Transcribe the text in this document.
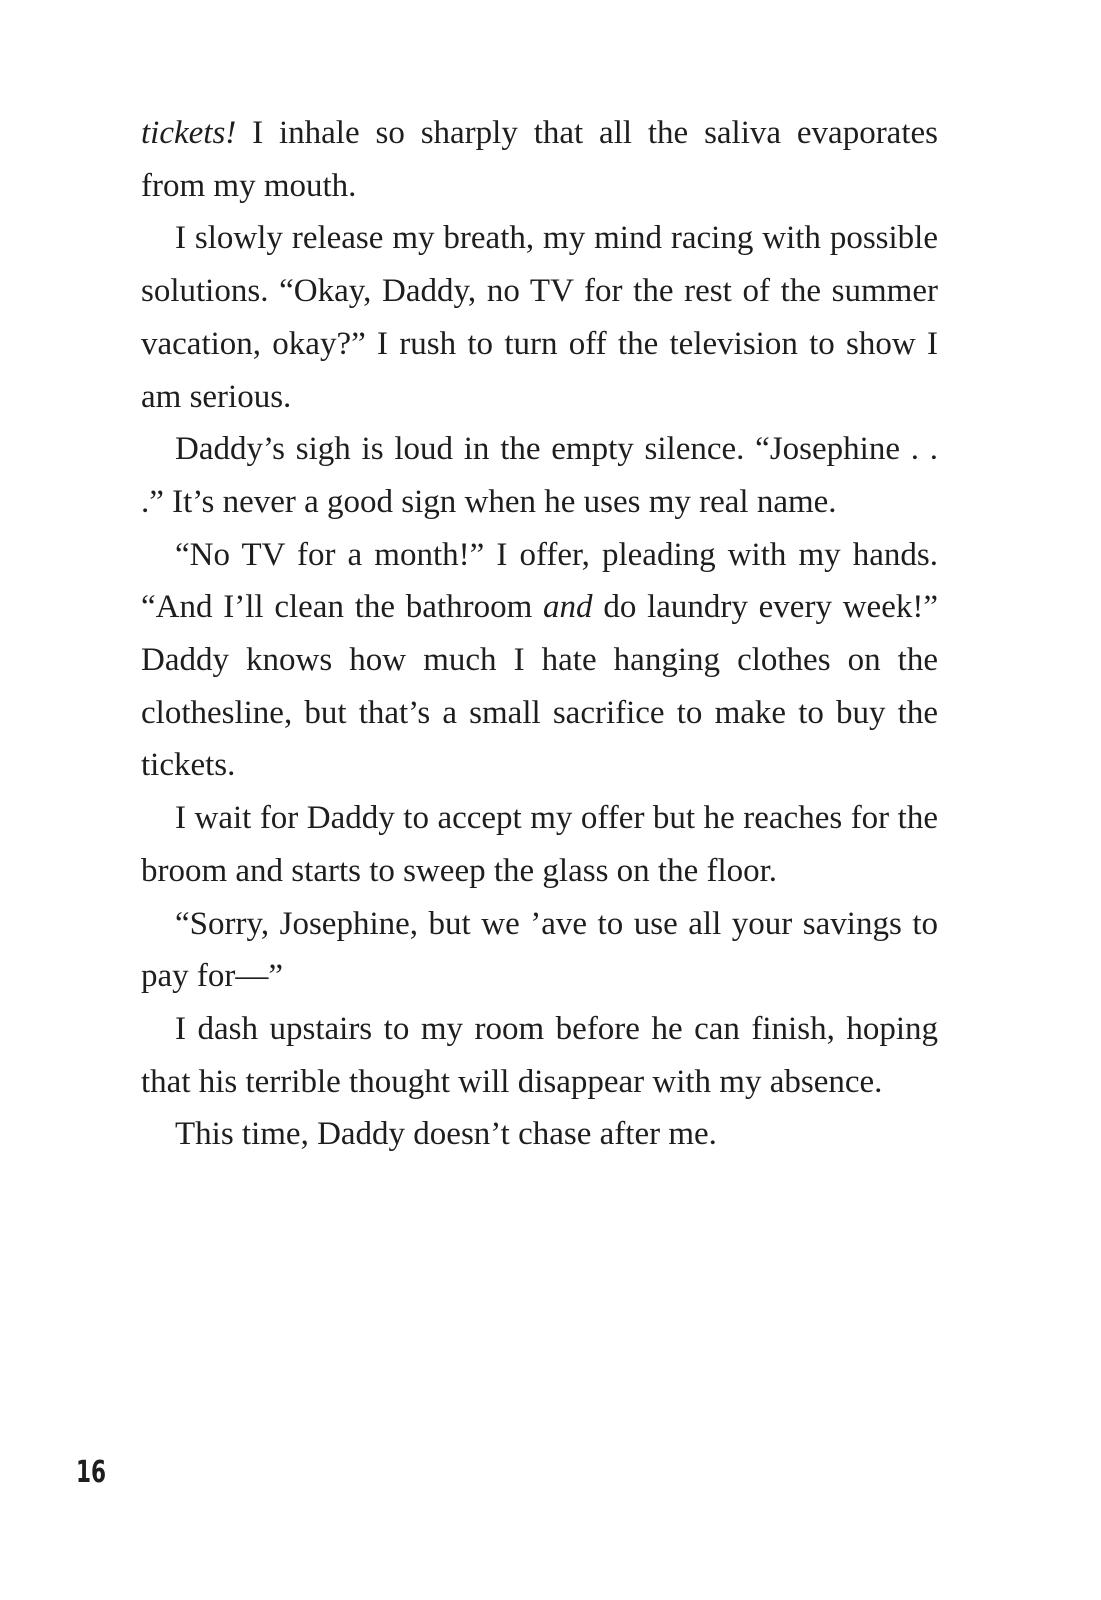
tickets! I inhale so sharply that all the saliva evaporates from my mouth.

I slowly release my breath, my mind racing with possible solutions. “Okay, Daddy, no TV for the rest of the summer vacation, okay?” I rush to turn off the television to show I am serious.

Daddy’s sigh is loud in the empty silence. “Josephine . . .” It’s never a good sign when he uses my real name.

“No TV for a month!” I offer, pleading with my hands. “And I’ll clean the bathroom and do laundry every week!” Daddy knows how much I hate hanging clothes on the clothesline, but that’s a small sacrifice to make to buy the tickets.

I wait for Daddy to accept my offer but he reaches for the broom and starts to sweep the glass on the floor.

“Sorry, Josephine, but we ’ave to use all your savings to pay for—”

I dash upstairs to my room before he can finish, hoping that his terrible thought will disappear with my absence.

This time, Daddy doesn’t chase after me.

16
